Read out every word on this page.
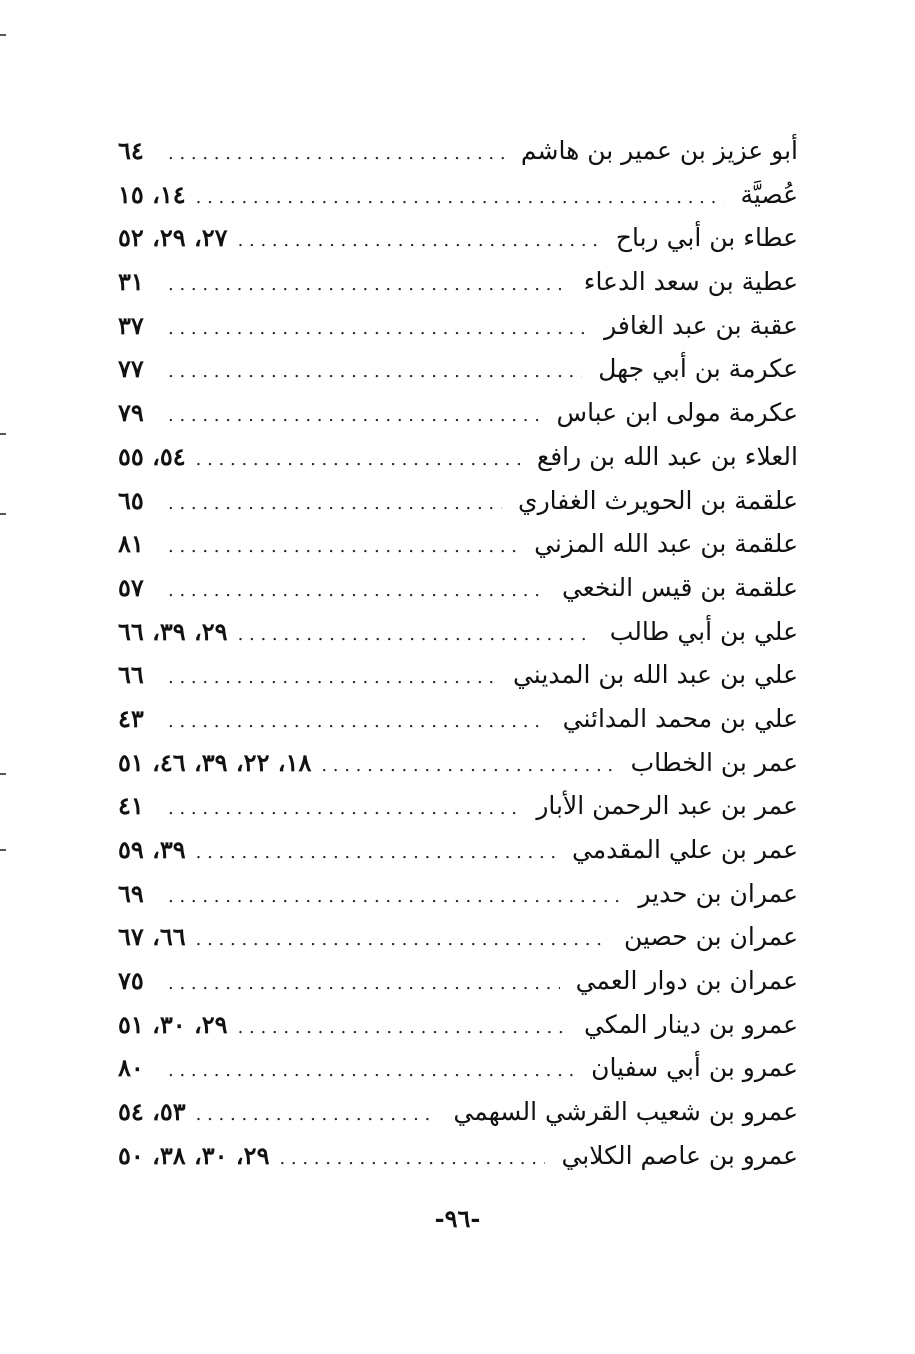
أبو عزيز بن عمير بن هاشم
. . .
٦٤
عُصيَّة
. . .
١٤، ١٥
عطاء بن أبي رباح
. . .
٢٧، ٢٩، ٥٢
عطية بن سعد الدعاء
. . .
٣١
عقبة بن عبد الغافر
. . .
٣٧
عكرمة بن أبي جهل
. . .
٧٧
عكرمة مولى ابن عباس
. . .
٧٩
العلاء بن عبد الله بن رافع
. . .
٥٤، ٥٥
علقمة بن الحويرث الغفاري
. . .
٦٥
علقمة بن عبد الله المزني
. . .
٨١
علقمة بن قيس النخعي
. . .
٥٧
علي بن أبي طالب
. . .
٢٩، ٣٩، ٦٦
علي بن عبد الله بن المديني
. . .
٦٦
علي بن محمد المدائني
. . .
٤٣
عمر بن الخطاب
. . .
١٨، ٢٢، ٣٩، ٤٦، ٥١
عمر بن عبد الرحمن الأبار
. . .
٤١
عمر بن علي المقدمي
. . .
٣٩، ٥٩
عمران بن حدير
. . .
٦٩
عمران بن حصين
. . .
٦٦، ٦٧
عمران بن دوار العمي
. . .
٧٥
عمرو بن دينار المكي
. . .
٢٩، ٣٠، ٥١
عمرو بن أبي سفيان
. . .
٨٠
عمرو بن شعيب القرشي السهمي
. . .
٥٣، ٥٤
عمرو بن عاصم الكلابي
. . .
٢٩، ٣٠، ٣٨، ٥٠
-٩٦-
